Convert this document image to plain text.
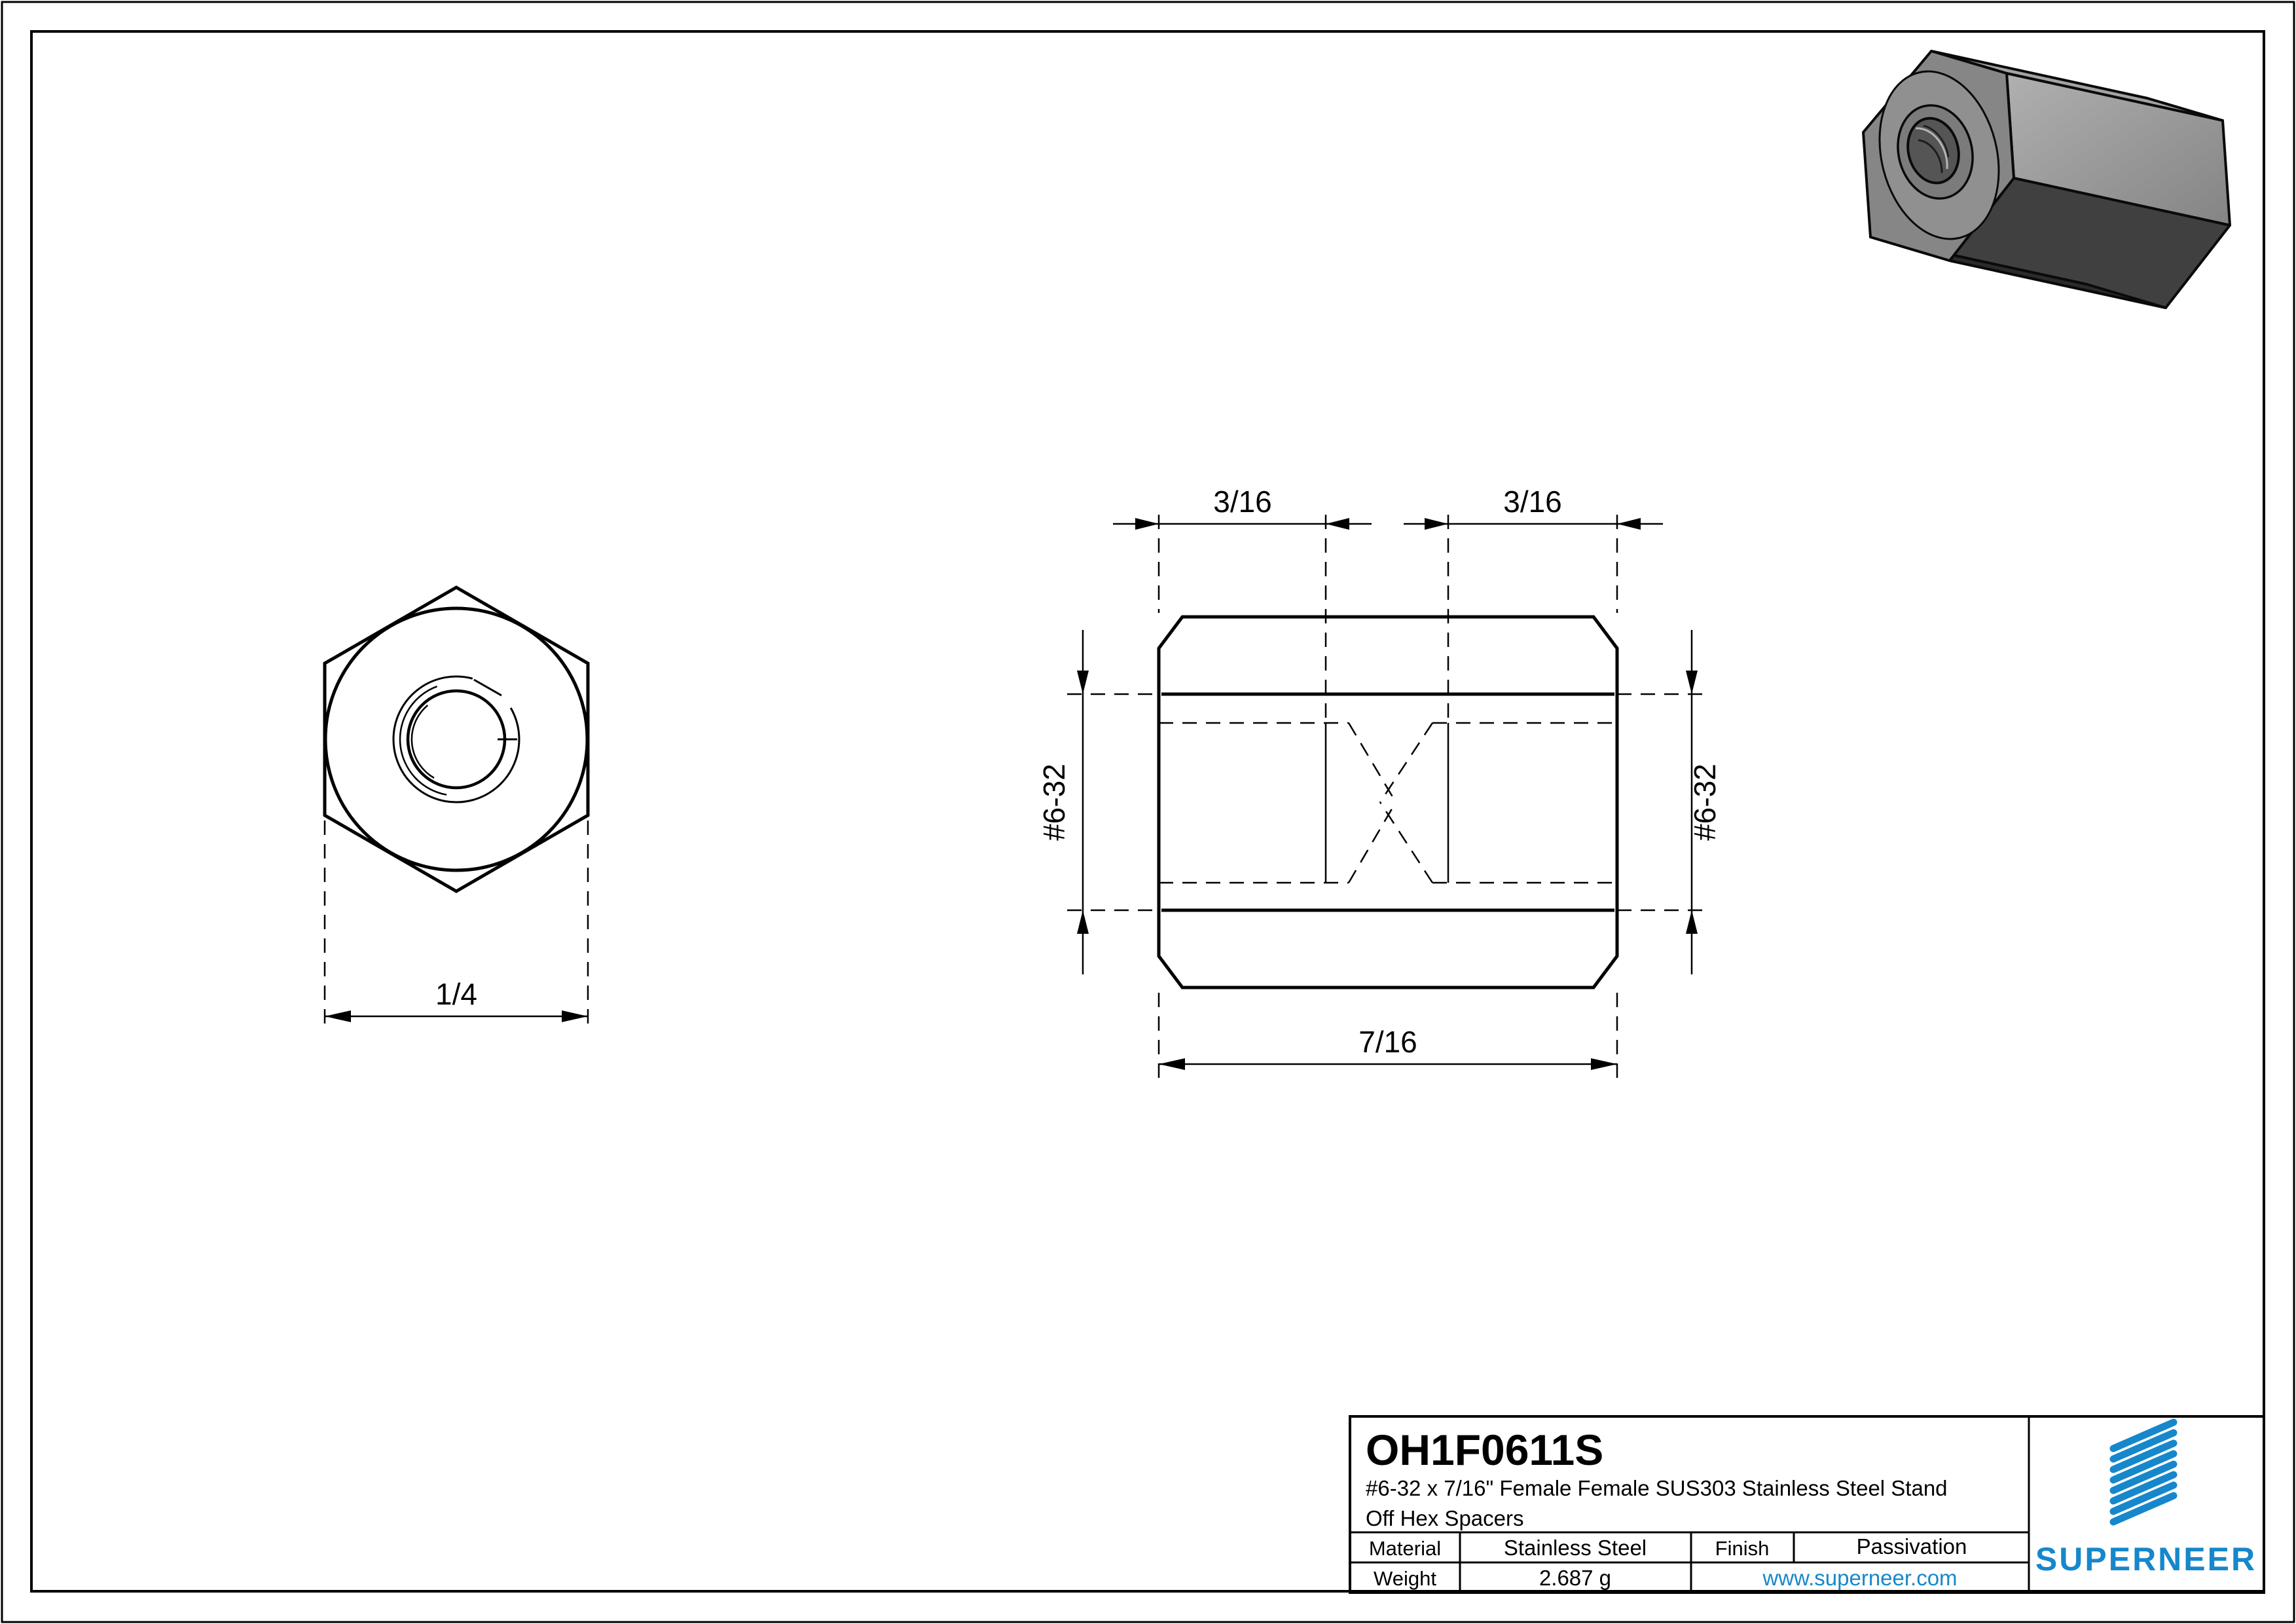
1/4
3/16	3/16
7/16
#6-32	#6-32
OH1F0611S
#6-32 x 7/16" Female Female SUS303 Stainless Steel Stand
Off Hex Spacers
Material	Stainless Steel	Finish	Passivation
Weight	2.687 g	www.superneer.com
SUPERNEER
